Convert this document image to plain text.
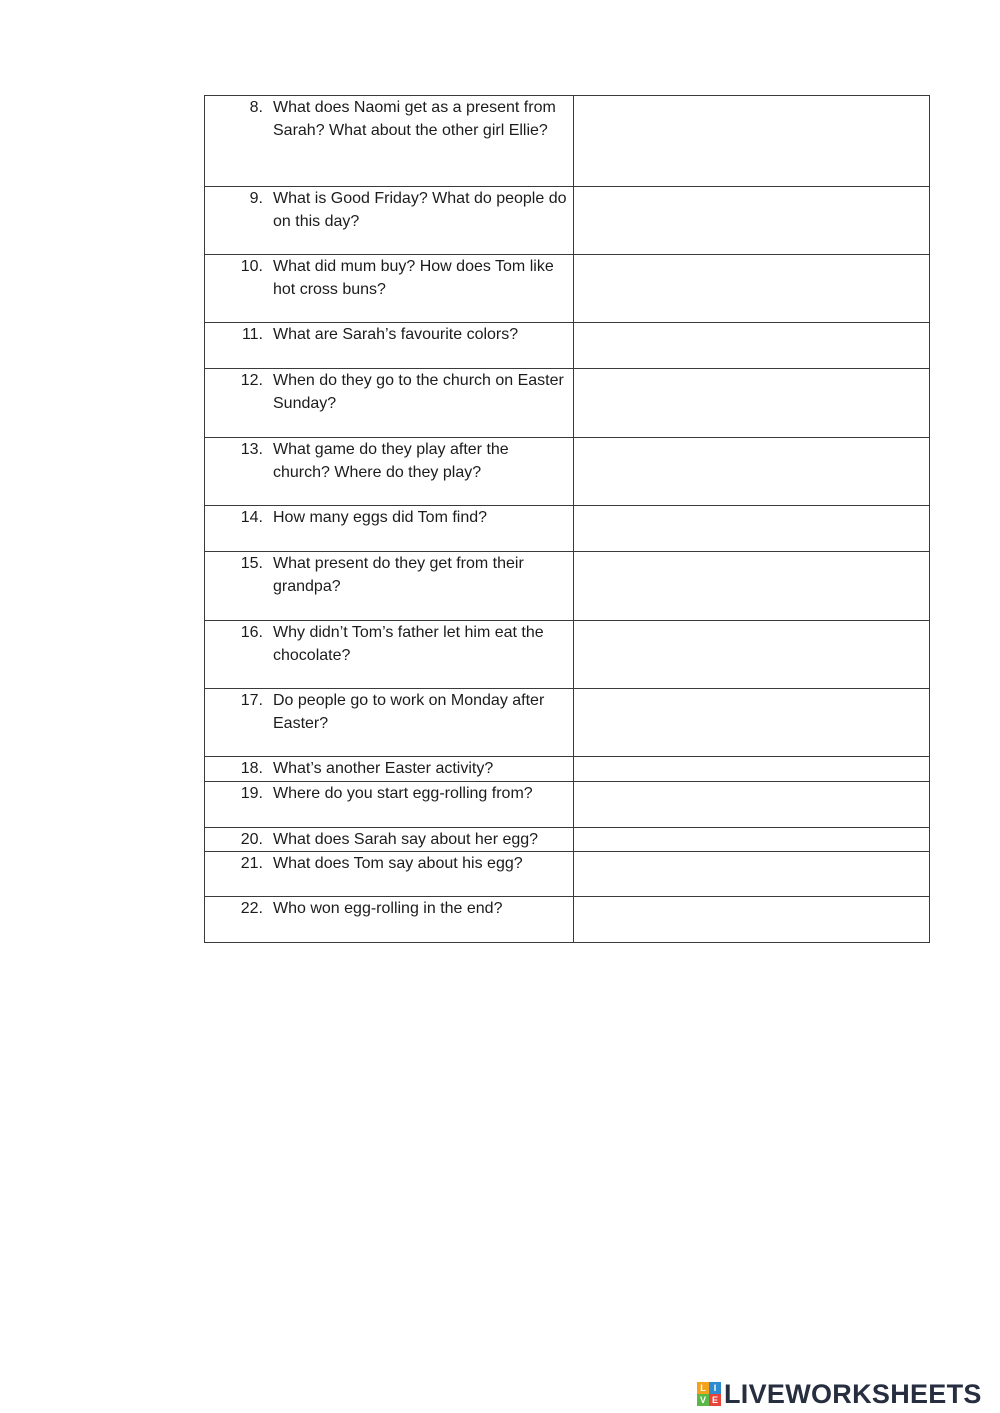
8. What does Naomi get as a present from Sarah? What about the other girl Ellie?	

9. What is Good Friday? What do people do on this day?	

10. What did mum buy? How does Tom like hot cross buns?	

11. What are Sarah’s favourite colors?	

12. When do they go to the church on Easter Sunday?	

13. What game do they play after the church? Where do they play?	

14. How many eggs did Tom find?	

15. What present do they get from their grandpa?	

16. Why didn’t Tom’s father let him eat the chocolate?	

17. Do people go to work on Monday after Easter?	

18. What’s another Easter activity?	

19. Where do you start egg-rolling from?	

20. What does Sarah say about her egg?	

21. What does Tom say about his egg?	

22. Who won egg-rolling in the end?	

L I
V E LIVEWORKSHEETS
